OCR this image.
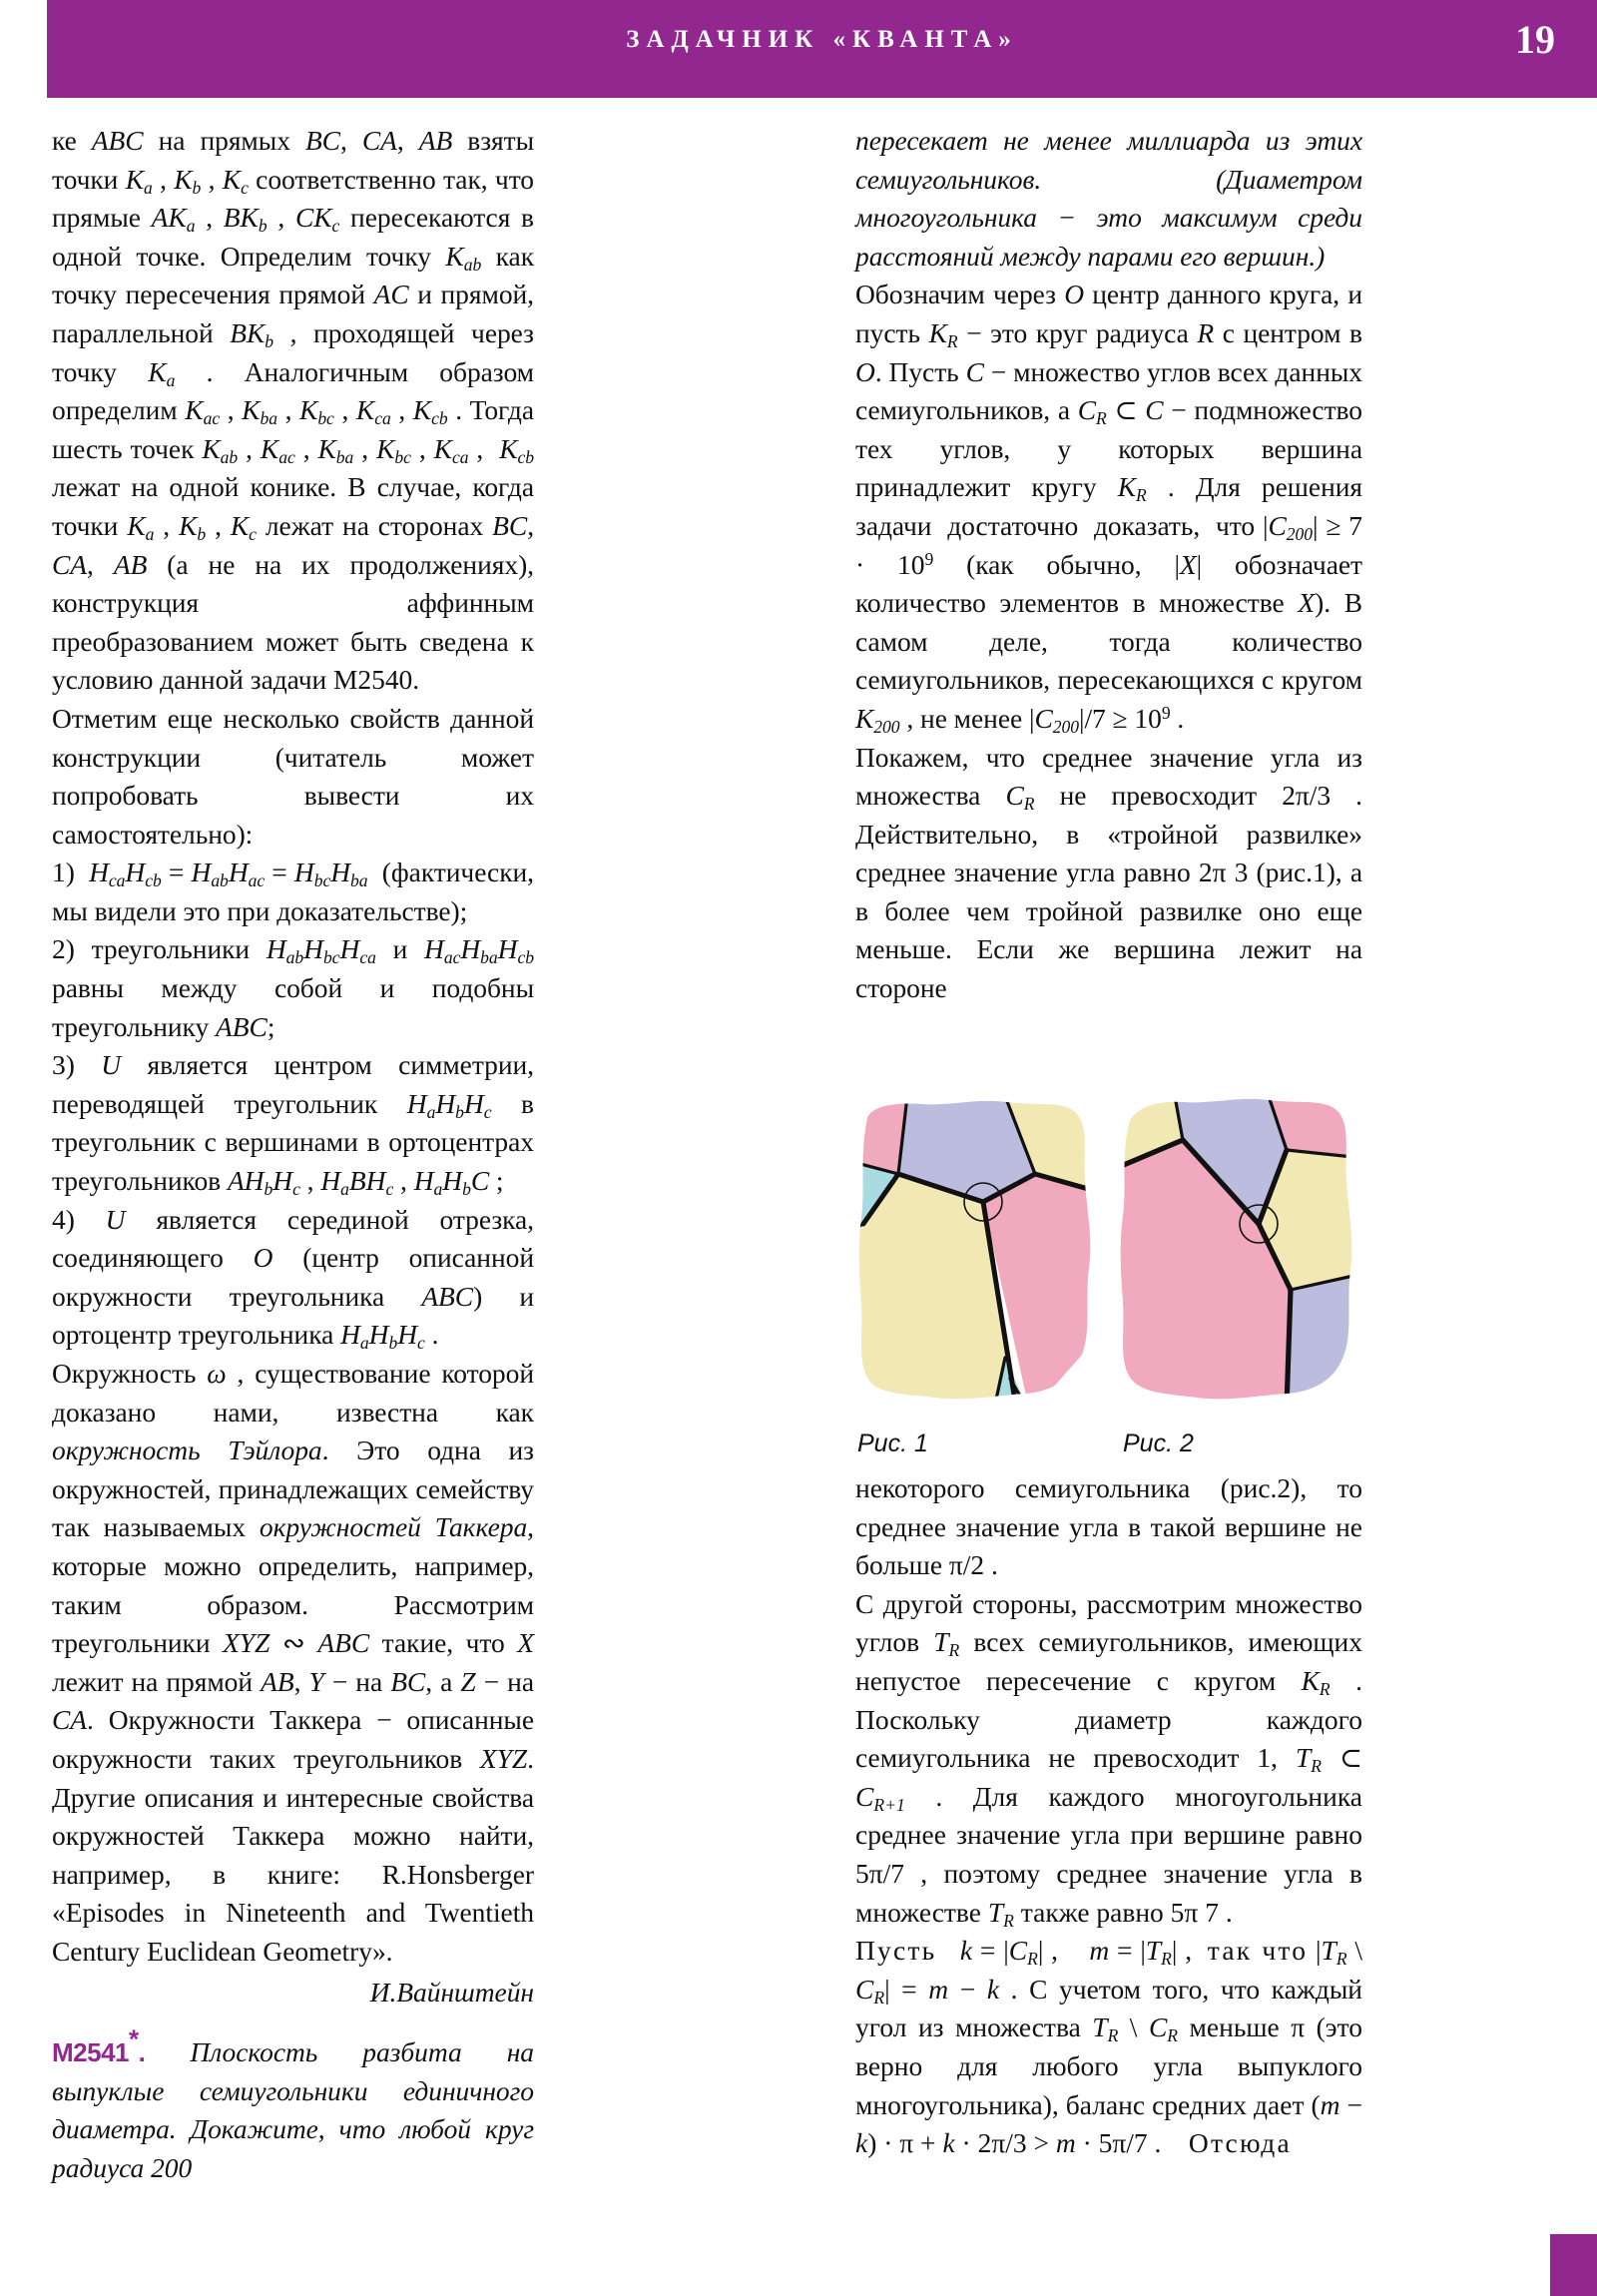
ЗАДАЧНИК «КВАНТА»	19

ке ABC на прямых BC, CA, AB взяты точки $K_a$ , $K_b$ , $K_c$ соответственно так, что прямые $AK_a$ , $BK_b$ , $CK_c$ пересекаются в одной точке. Определим точку $K_{ab}$ как точку пересечения прямой AC и прямой, параллельной $BK_b$ , проходящей через точку $K_a$ . Аналогичным образом определим $K_{ac}$ , $K_{ba}$ , $K_{bc}$ , $K_{ca}$ , $K_{cb}$ . Тогда шесть точек $K_{ab}$ , $K_{ac}$ , $K_{ba}$ , $K_{bc}$ , $K_{ca}$ ,  $K_{cb}$ лежат на одной конике. В случае, когда точки $K_a$ , $K_b$ , $K_c$ лежат на сторонах BC, CA, AB (а не на их продолжениях), конструкция аффинным преобразованием может быть сведена к условию данной задачи M2540.

Отметим еще несколько свойств данной конструкции (читатель может попробовать вывести их самостоятельно):

1)  $H_{ca}H_{cb} = H_{ab}H_{ac} = H_{bc}H_{ba}$  (фактически, мы видели это при доказательстве);

2) треугольники $H_{ab}H_{bc}H_{ca}$ и $H_{ac}H_{ba}H_{cb}$ равны между собой и подобны треугольнику ABC;

3) U является центром симметрии, переводящей треугольник $H_aH_bH_c$ в треугольник с вершинами в ортоцентрах треугольников $AH_bH_c$ , $H_aBH_c$ , $H_aH_bC$ ;

4) U является серединой отрезка, соединяющего O (центр описанной окружности треугольника ABC) и ортоцентр треугольника $H_aH_bH_c$ .

Окружность ω , существование которой доказано нами, известна как окружность Тэйлора. Это одна из окружностей, принадлежащих семейству так называемых окружностей Таккера, которые можно определить, например, таким образом. Рассмотрим треугольники XYZ ∾ ABC такие, что X лежит на прямой AB, Y − на BC, а Z − на CA. Окружности Таккера − описанные окружности таких треугольников XYZ. Другие описания и интересные свойства окружностей Таккера можно найти, например, в книге: R.Honsberger «Episodes in Nineteenth and Twentieth Century Euclidean Geometry».

И.Вайнштейн

M2541*. Плоскость разбита на выпуклые семиугольники единичного диаметра. Докажите, что любой круг радиуса 200

пересекает не менее миллиарда из этих семиугольников. (Диаметром многоугольника − это максимум среди расстояний между парами его вершин.)

Обозначим через O центр данного круга, и пусть $K_R$ − это круг радиуса R с центром в O. Пусть C − множество углов всех данных семиугольников, а $C_R$ ⊂ C − подмножество тех углов, у которых вершина принадлежит кругу $K_R$ . Для решения задачи  достаточно  доказать,  что $|C_{200}| \ge 7 \cdot 10^9$ (как обычно, |X| обозначает количество элементов в множестве X). В самом деле, тогда количество семиугольников, пересекающихся с кругом $K_{200}$ , не менее $|C_{200}|/7 \ge 10^9$ .

Покажем, что среднее значение угла из множества $C_R$ не превосходит 2π/3 . Действительно, в «тройной развилке» среднее значение угла равно 2π 3 (рис.1), а в более чем тройной развилке оно еще меньше. Если же вершина лежит на стороне

Рис. 1	Рис. 2

некоторого семиугольника (рис.2), то среднее значение угла в такой вершине не больше π/2 .

С другой стороны, рассмотрим множество углов $T_R$ всех семиугольников, имеющих непустое пересечение с кругом $K_R$ . Поскольку диаметр каждого семиугольника не превосходит 1, $T_R$ ⊂ $C_{R+1}$ . Для каждого многоугольника среднее значение угла при вершине равно 5π/7 , поэтому среднее значение угла в множестве $T_R$ также равно 5π 7 .

Пусть $k = |C_R|$ ,    $m = |T_R|$ ,  так что $|T_R$ \ $C_R| = m - k$ . С учетом того, что каждый угол из множества $T_R$ \ $C_R$ меньше π (это верно для любого угла выпуклого многоугольника), баланс средних дает (m − k) · π + k · 2π/3 > m · 5π/7 .    Отсюда
